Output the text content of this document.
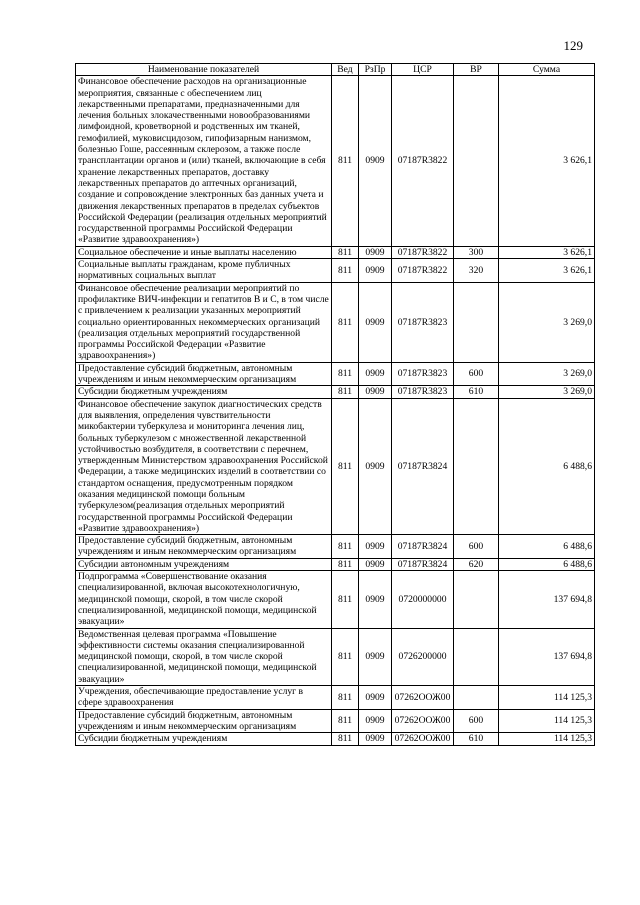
129
Наименование показателей	Вед	РзПр	ЦСР	ВР	Сумма
Финансовое обеспечение расходов на организационные мероприятия, связанные с обеспечением лиц лекарственными препаратами, предназначенными для лечения больных злокачественными новообразованиями лимфоидной, кроветворной и родственных им тканей, гемофилией, муковисцидозом, гипофизарным нанизмом, болезнью Гоше, рассеянным склерозом, а также после трансплантации органов и (или) тканей, включающие в себя хранение лекарственных препаратов, доставку лекарственных препаратов до аптечных организаций, создание и сопровождение электронных баз данных учета и движения лекарственных препаратов в пределах субъектов Российской Федерации (реализация отдельных мероприятий государственной программы Российской Федерации «Развитие здравоохранения»)	811	0909	07187R3822		3 626,1
Социальное обеспечение и иные выплаты населению	811	0909	07187R3822	300	3 626,1
Социальные выплаты гражданам, кроме публичных нормативных социальных выплат	811	0909	07187R3822	320	3 626,1
Финансовое обеспечение реализации мероприятий по профилактике ВИЧ-инфекции и гепатитов B и C, в том числе с привлечением к реализации указанных мероприятий социально ориентированных некоммерческих организаций (реализация отдельных мероприятий государственной программы Российской Федерации «Развитие здравоохранения»)	811	0909	07187R3823		3 269,0
Предоставление субсидий бюджетным, автономным учреждениям и иным некоммерческим организациям	811	0909	07187R3823	600	3 269,0
Субсидии бюджетным учреждениям	811	0909	07187R3823	610	3 269,0
Финансовое обеспечение закупок диагностических средств для выявления, определения чувствительности микобактерии туберкулеза и мониторинга лечения лиц, больных туберкулезом с множественной лекарственной устойчивостью возбудителя, в соответствии с перечнем, утвержденным Министерством здравоохранения Российской Федерации, а также медицинских изделий в соответствии со стандартом оснащения, предусмотренным порядком оказания медицинской помощи больным туберкулезом(реализация отдельных мероприятий государственной программы Российской Федерации «Развитие здравоохранения»)	811	0909	07187R3824		6 488,6
Предоставление субсидий бюджетным, автономным учреждениям и иным некоммерческим организациям	811	0909	07187R3824	600	6 488,6
Субсидии автономным учреждениям	811	0909	07187R3824	620	6 488,6
Подпрограмма «Совершенствование оказания специализированной, включая высокотехнологичную, медицинской помощи, скорой, в том числе скорой специализированной, медицинской помощи, медицинской эвакуации»	811	0909	0720000000		137 694,8
Ведомственная целевая программа «Повышение эффективности системы оказания специализированной медицинской помощи, скорой, в том числе скорой специализированной, медицинской помощи, медицинской эвакуации»	811	0909	0726200000		137 694,8
Учреждения, обеспечивающие предоставление услуг в сфере здравоохранения	811	0909	07262ООЖ00		114 125,3
Предоставление субсидий бюджетным, автономным учреждениям и иным некоммерческим организациям	811	0909	07262ООЖ00	600	114 125,3
Субсидии бюджетным учреждениям	811	0909	07262ООЖ00	610	114 125,3
